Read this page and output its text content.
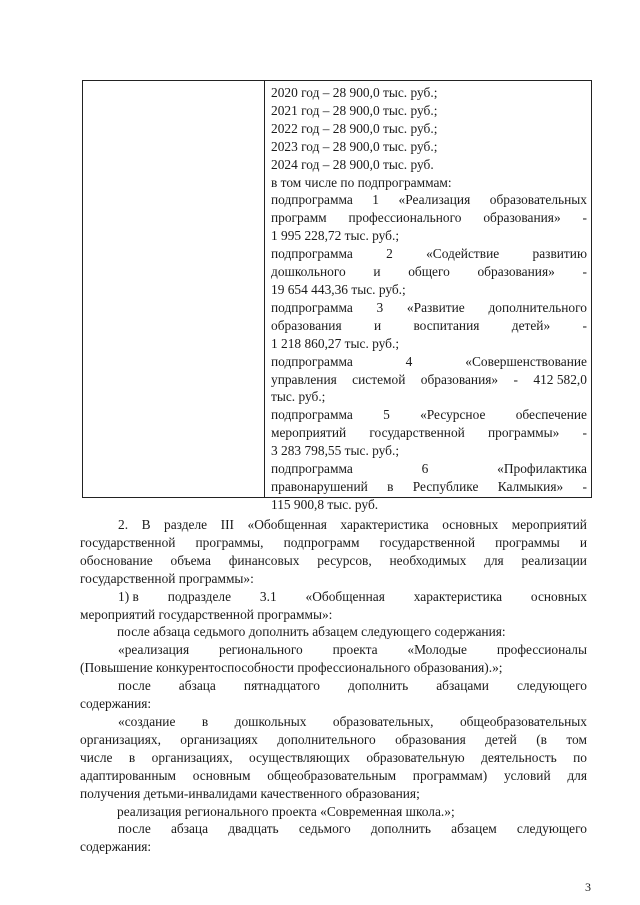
2020 год – 28 900,0 тыс. руб.;
2021 год – 28 900,0 тыс. руб.;
2022 год – 28 900,0 тыс. руб.;
2023 год – 28 900,0 тыс. руб.;
2024 год – 28 900,0 тыс. руб.
в том числе по подпрограммам:
подпрограмма 1 «Реализация образовательных
программ профессионального образования» -
1 995 228,72 тыс. руб.;
подпрограмма 2 «Содействие развитию
дошкольного и общего образования» -
19 654 443,36 тыс. руб.;
подпрограмма 3 «Развитие дополнительного
образования и воспитания детей» -
1 218 860,27 тыс. руб.;
подпрограмма	4	«Совершенствование
управления системой образования» - 412 582,0
тыс. руб.;
подпрограмма 5 «Ресурсное обеспечение
мероприятий государственной программы» -
3 283 798,55 тыс. руб.;
подпрограмма	6	«Профилактика
правонарушений в Республике Калмыкия» -
115 900,8 тыс. руб.
2. В разделе III «Обобщенная характеристика основных мероприятий
государственной программы, подпрограмм государственной программы и
обоснование объема финансовых ресурсов, необходимых для реализации
государственной программы»:
1) в подразделе 3.1 «Обобщенная характеристика основных
мероприятий государственной программы»:
после абзаца седьмого дополнить абзацем следующего содержания:
«реализация регионального проекта «Молодые профессионалы
(Повышение конкурентоспособности профессионального образования).»;
после абзаца пятнадцатого дополнить абзацами следующего
содержания:
«создание в дошкольных образовательных, общеобразовательных
организациях, организациях дополнительного образования детей (в том
числе в организациях, осуществляющих образовательную деятельность по
адаптированным основным общеобразовательным программам) условий для
получения детьми-инвалидами качественного образования;
реализация регионального проекта «Современная школа.»;
после абзаца двадцать седьмого дополнить абзацем следующего
содержания:
3
